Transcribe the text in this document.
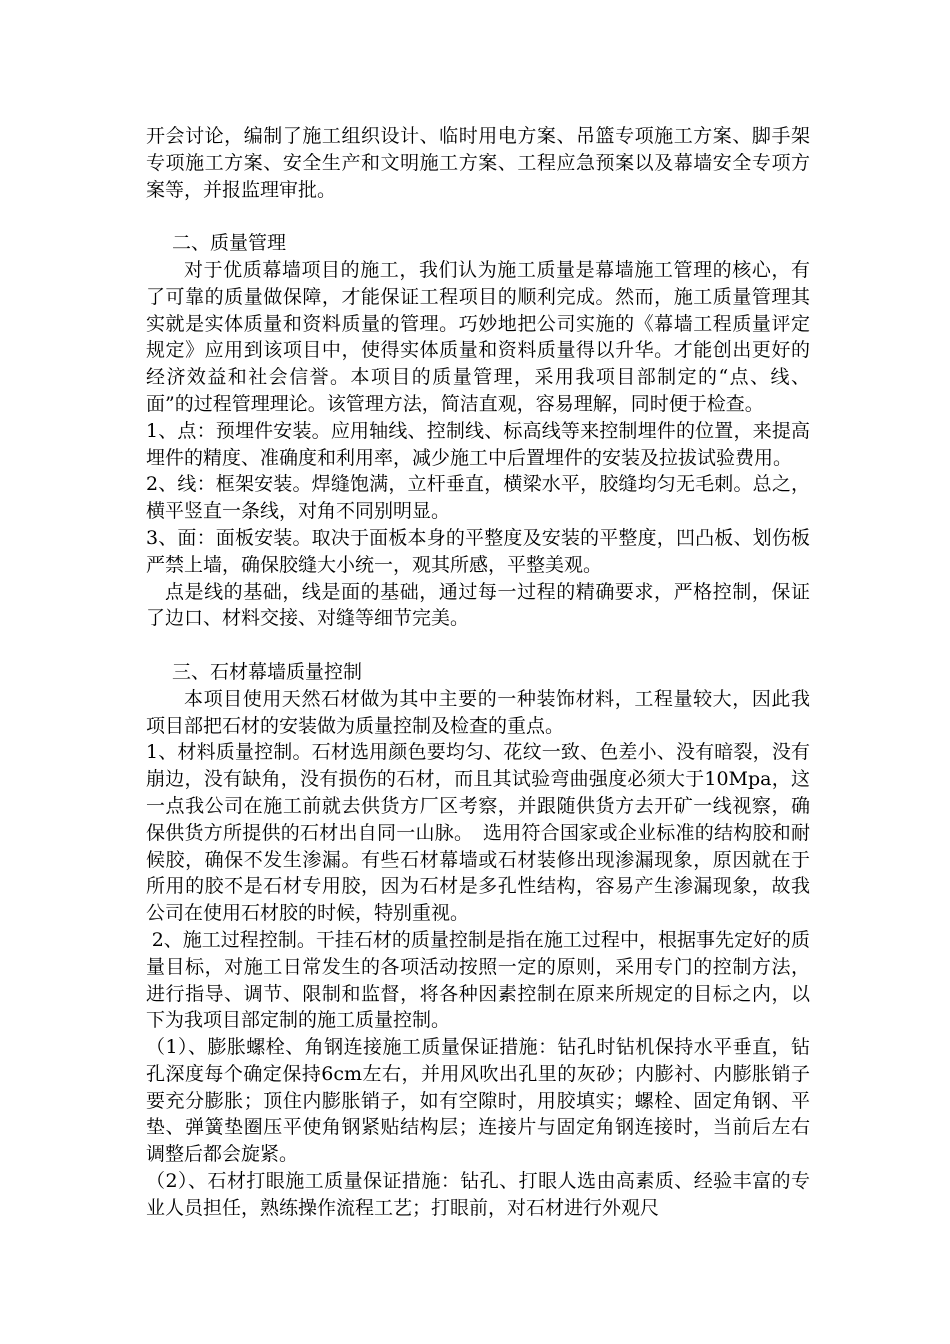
开会讨论，编制了施工组织设计、临时用电方案、吊篮专项施工方案、脚手架专项施工方案、安全生产和文明施工方案、工程应急预案以及幕墙安全专项方案等，并报监理审批。

二、质量管理

对于优质幕墙项目的施工，我们认为施工质量是幕墙施工管理的核心，有了可靠的质量做保障，才能保证工程项目的顺利完成。然而，施工质量管理其实就是实体质量和资料质量的管理。巧妙地把公司实施的《幕墙工程质量评定规定》应用到该项目中，使得实体质量和资料质量得以升华。才能创出更好的经济效益和社会信誉。本项目的质量管理，采用我项目部制定的“点、线、面”的过程管理理论。该管理方法，简洁直观，容易理解，同时便于检查。

1、点：预埋件安装。应用轴线、控制线、标高线等来控制埋件的位置，来提高埋件的精度、准确度和利用率，减少施工中后置埋件的安装及拉拔试验费用。

2、线：框架安装。焊缝饱满，立杆垂直，横梁水平，胶缝均匀无毛刺。总之，横平竖直一条线，对角不同别明显。

3、面：面板安装。取决于面板本身的平整度及安装的平整度，凹凸板、划伤板严禁上墙，确保胶缝大小统一，观其所感，平整美观。

点是线的基础，线是面的基础，通过每一过程的精确要求，严格控制，保证了边口、材料交接、对缝等细节完美。

三、石材幕墙质量控制

本项目使用天然石材做为其中主要的一种装饰材料，工程量较大，因此我项目部把石材的安装做为质量控制及检查的重点。

1、材料质量控制。石材选用颜色要均匀、花纹一致、色差小、没有暗裂，没有崩边，没有缺角，没有损伤的石材，而且其试验弯曲强度必须大于10Mpa，这一点我公司在施工前就去供货方厂区考察，并跟随供货方去开矿一线视察，确保供货方所提供的石材出自同一山脉。　选用符合国家或企业标准的结构胶和耐候胶，确保不发生渗漏。有些石材幕墙或石材装修出现渗漏现象，原因就在于所用的胶不是石材专用胶，因为石材是多孔性结构，容易产生渗漏现象，故我公司在使用石材胶的时候，特别重视。

2、施工过程控制。干挂石材的质量控制是指在施工过程中，根据事先定好的质量目标，对施工日常发生的各项活动按照一定的原则，采用专门的控制方法，进行指导、调节、限制和监督，将各种因素控制在原来所规定的目标之内，以下为我项目部定制的施工质量控制。

（1）、膨胀螺栓、角钢连接施工质量保证措施：钻孔时钻机保持水平垂直，钻孔深度每个确定保持6cm左右，并用风吹出孔里的灰砂；内膨衬、内膨胀销子要充分膨胀；顶住内膨胀销子，如有空隙时，用胶填实；螺栓、固定角钢、平垫、弹簧垫圈压平使角钢紧贴结构层；连接片与固定角钢连接时，当前后左右调整后都会旋紧。

（2）、石材打眼施工质量保证措施：钻孔、打眼人选由高素质、经验丰富的专业人员担任，熟练操作流程工艺；打眼前，对石材进行外观尺
